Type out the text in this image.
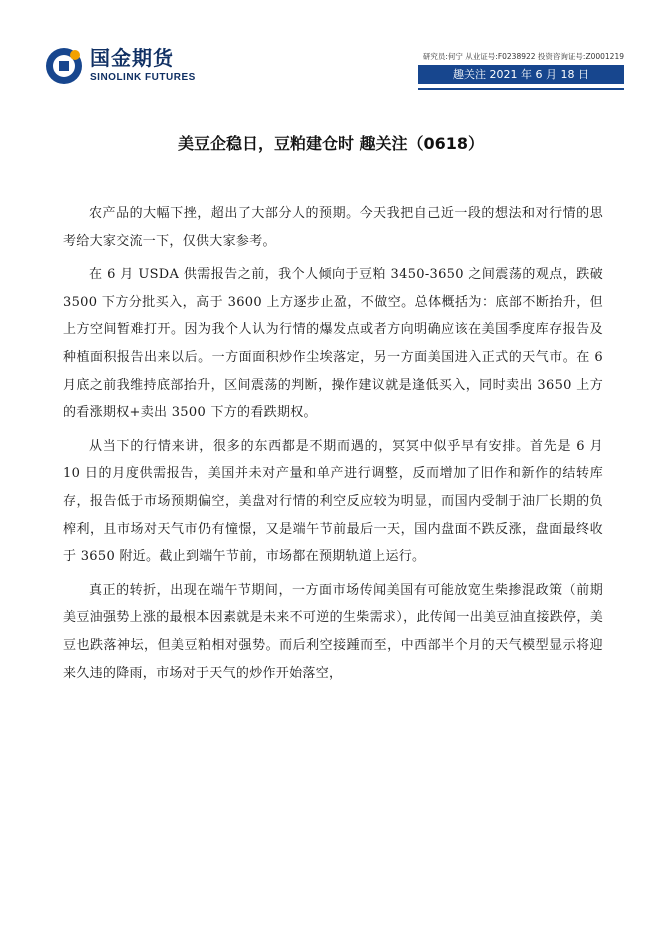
国金期货
SINOLINK FUTURES
研究员:何宁 从业证号:F0238922 投资咨询证号:Z0001219
趣关注 2021 年 6 月 18 日
美豆企稳日，豆粕建仓时 趣关注（0618）

农产品的大幅下挫，超出了大部分人的预期。今天我把自己近一段的想法和对行情的思考给大家交流一下，仅供大家参考。

在 6 月 USDA 供需报告之前，我个人倾向于豆粕 3450-3650 之间震荡的观点，跌破 3500 下方分批买入，高于 3600 上方逐步止盈，不做空。总体概括为：底部不断抬升，但上方空间暂难打开。因为我个人认为行情的爆发点或者方向明确应该在美国季度库存报告及种植面积报告出来以后。一方面面积炒作尘埃落定，另一方面美国进入正式的天气市。在 6 月底之前我维持底部抬升，区间震荡的判断，操作建议就是逢低买入，同时卖出 3650 上方的看涨期权+卖出 3500 下方的看跌期权。

从当下的行情来讲，很多的东西都是不期而遇的，冥冥中似乎早有安排。首先是 6 月 10 日的月度供需报告，美国并未对产量和单产进行调整，反而增加了旧作和新作的结转库存，报告低于市场预期偏空，美盘对行情的利空反应较为明显，而国内受制于油厂长期的负榨利，且市场对天气市仍有憧憬，又是端午节前最后一天，国内盘面不跌反涨，盘面最终收于 3650 附近。截止到端午节前，市场都在预期轨道上运行。

真正的转折，出现在端午节期间，一方面市场传闻美国有可能放宽生柴掺混政策（前期美豆油强势上涨的最根本因素就是未来不可逆的生柴需求），此传闻一出美豆油直接跌停，美豆也跌落神坛，但美豆粕相对强势。而后利空接踵而至，中西部半个月的天气模型显示将迎来久违的降雨，市场对于天气的炒作开始落空，
